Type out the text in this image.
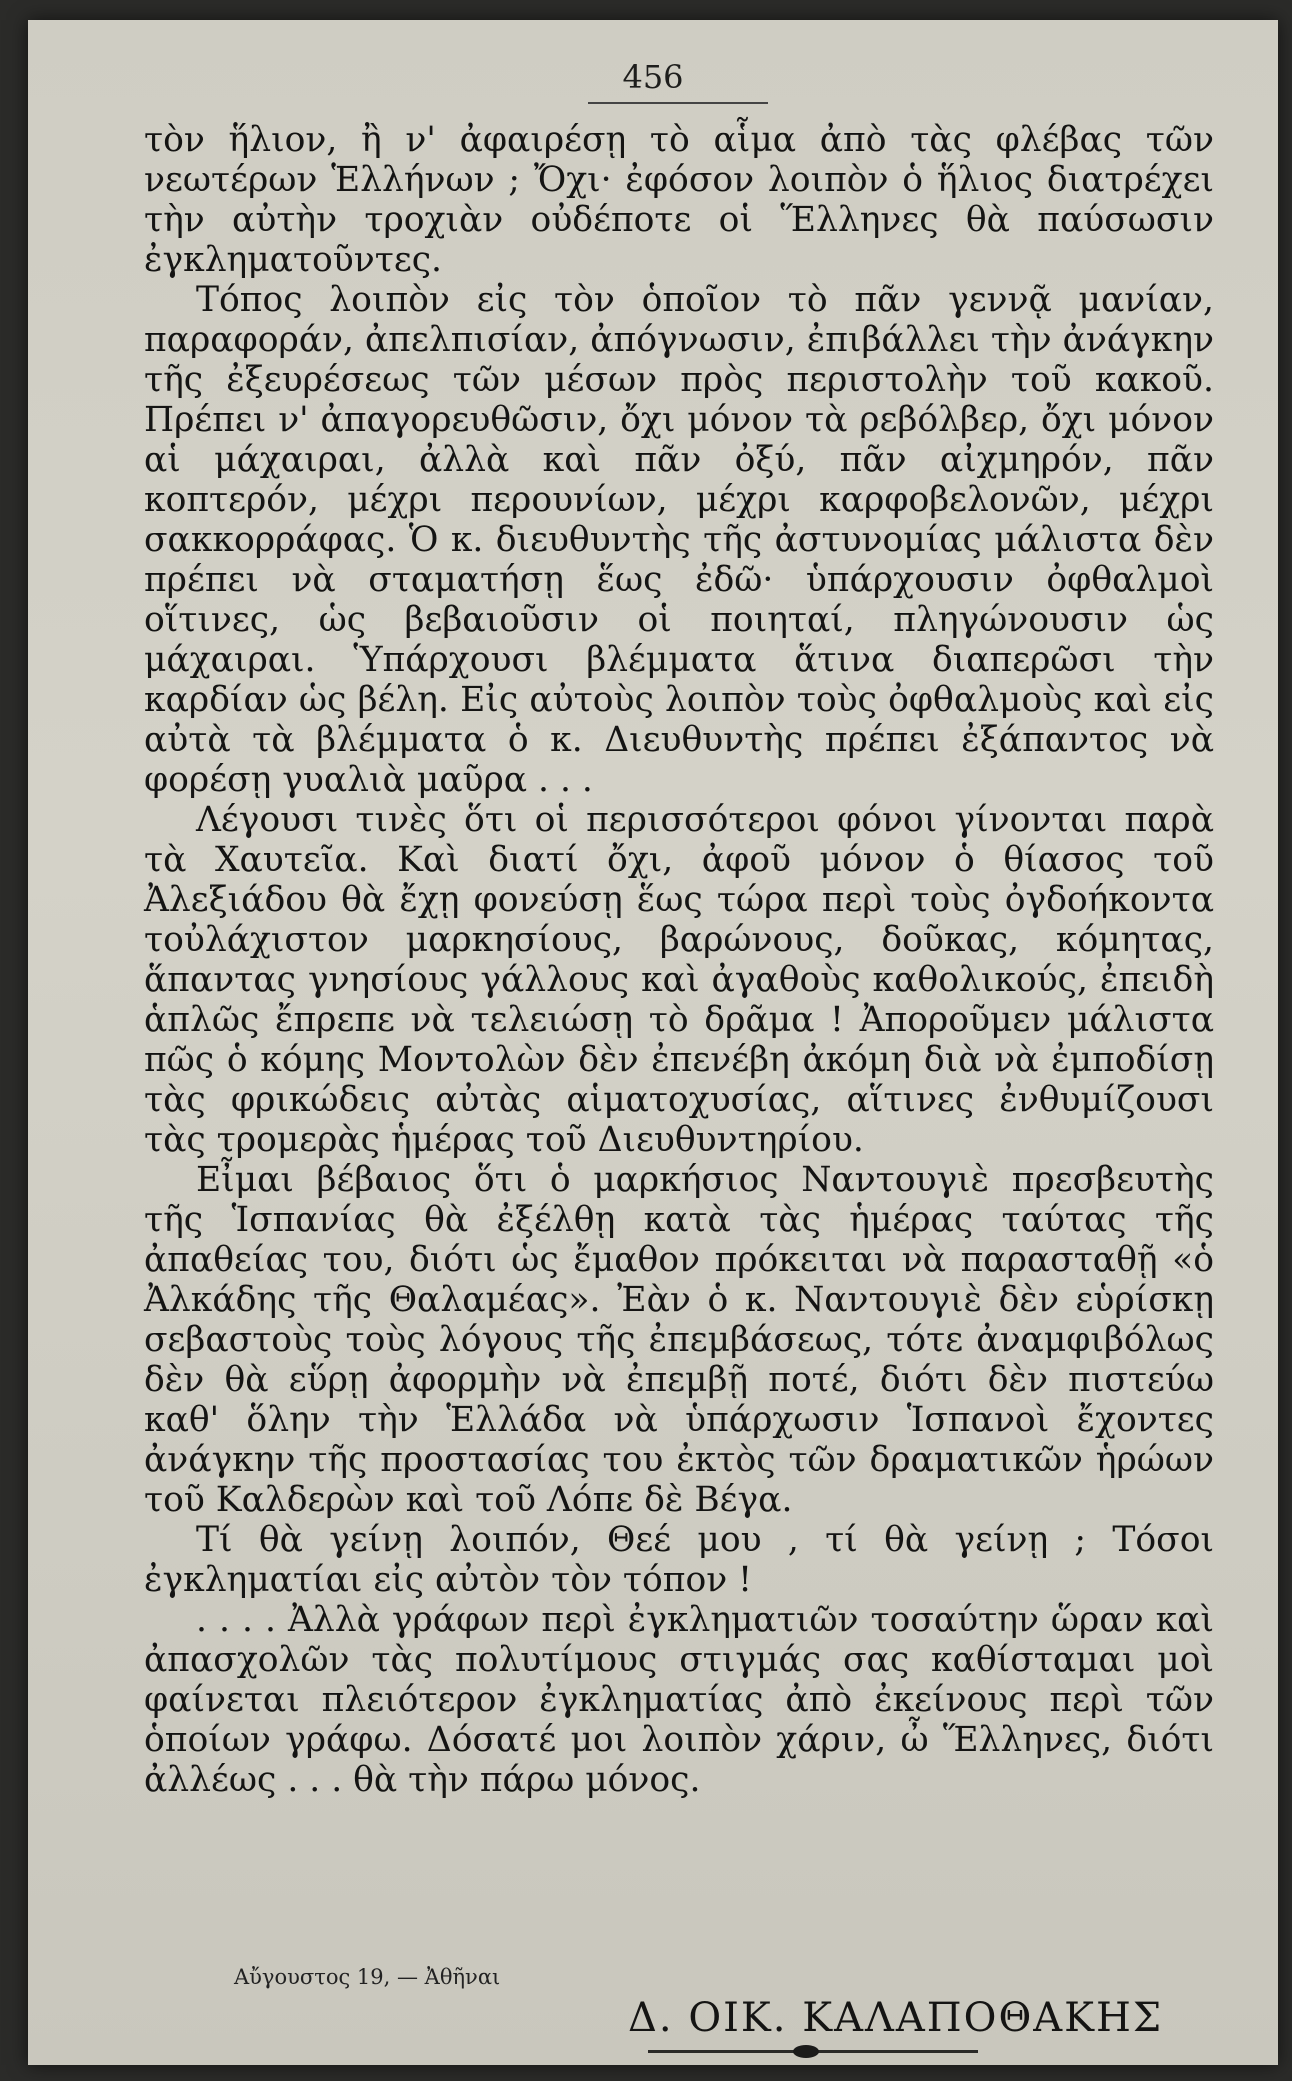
456

τὸν ἥλιον, ἢ ν' ἀφαιρέσῃ τὸ αἷμα ἀπὸ τὰς φλέβας τῶν νεωτέρων Ἑλλήνων ; Ὄχι· ἐφόσον λοιπὸν ὁ ἥλιος διατρέχει τὴν αὐτὴν τροχιὰν οὐδέποτε οἱ Ἕλληνες θὰ παύσωσιν ἐγκληματοῦντες.

Τόπος λοιπὸν εἰς τὸν ὁποῖον τὸ πᾶν γεννᾷ μανίαν, παραφοράν, ἀπελπισίαν, ἀπόγνωσιν, ἐπιβάλλει τὴν ἀνάγκην τῆς ἐξευρέσεως τῶν μέσων πρὸς περιστολὴν τοῦ κακοῦ. Πρέπει ν' ἀπαγορευθῶσιν, ὄχι μόνον τὰ ρεβόλβερ, ὄχι μόνον αἱ μάχαιραι, ἀλλὰ καὶ πᾶν ὀξύ, πᾶν αἰχμηρόν, πᾶν κοπτερόν, μέχρι περουνίων, μέχρι καρφοβελονῶν, μέχρι σακκορράφας. Ὁ κ. διευθυντὴς τῆς ἀστυνομίας μάλιστα δὲν πρέπει νὰ σταματήσῃ ἕως ἐδῶ· ὑπάρχουσιν ὀφθαλμοὶ οἵτινες, ὡς βεβαιοῦσιν οἱ ποιηταί, πληγώνουσιν ὡς μάχαιραι. Ὑπάρχουσι βλέμματα ἅτινα διαπερῶσι τὴν καρδίαν ὡς βέλη. Εἰς αὐτοὺς λοιπὸν τοὺς ὀφθαλμοὺς καὶ εἰς αὐτὰ τὰ βλέμματα ὁ κ. Διευθυντὴς πρέπει ἐξάπαντος νὰ φορέσῃ γυαλιὰ μαῦρα . . .

Λέγουσι τινὲς ὅτι οἱ περισσότεροι φόνοι γίνονται παρὰ τὰ Χαυτεῖα. Καὶ διατί ὄχι, ἀφοῦ μόνον ὁ θίασος τοῦ Ἀλεξιάδου θὰ ἔχῃ φονεύσῃ ἕως τώρα περὶ τοὺς ὀγδοήκοντα τοὐλάχιστον μαρκησίους, βαρώνους, δοῦκας, κόμητας, ἅπαντας γνησίους γάλλους καὶ ἀγαθοὺς καθολικούς, ἐπειδὴ ἁπλῶς ἔπρεπε νὰ τελειώσῃ τὸ δρᾶμα ! Ἀποροῦμεν μάλιστα πῶς ὁ κόμης Μοντολὼν δὲν ἐπενέβη ἀκόμη διὰ νὰ ἐμποδίσῃ τὰς φρικώδεις αὐτὰς αἱματοχυσίας, αἵτινες ἐνθυμίζουσι τὰς τρομερὰς ἡμέρας τοῦ Διευθυντηρίου.

Εἶμαι βέβαιος ὅτι ὁ μαρκήσιος Ναντουγιὲ πρεσβευτὴς τῆς Ἱσπανίας θὰ ἐξέλθῃ κατὰ τὰς ἡμέρας ταύτας τῆς ἀπαθείας του, διότι ὡς ἔμαθον πρόκειται νὰ παρασταθῇ «ὁ Ἀλκάδης τῆς Θαλαμέας». Ἐὰν ὁ κ. Ναντουγιὲ δὲν εὑρίσκῃ σεβαστοὺς τοὺς λόγους τῆς ἐπεμβάσεως, τότε ἀναμφιβόλως δὲν θὰ εὕρῃ ἀφορμὴν νὰ ἐπεμβῇ ποτέ, διότι δὲν πιστεύω καθ' ὅλην τὴν Ἑλλάδα νὰ ὑπάρχωσιν Ἱσπανοὶ ἔχοντες ἀνάγκην τῆς προστασίας του ἐκτὸς τῶν δραματικῶν ἡρώων τοῦ Καλδερὼν καὶ τοῦ Λόπε δὲ Βέγα.

Τί θὰ γείνῃ λοιπόν, Θεέ μου , τί θὰ γείνῃ ; Τόσοι ἐγκληματίαι εἰς αὐτὸν τὸν τόπον !

. . . . Ἀλλὰ γράφων περὶ ἐγκληματιῶν τοσαύτην ὥραν καὶ ἀπασχολῶν τὰς πολυτίμους στιγμάς σας καθίσταμαι μοὶ φαίνεται πλειότερον ἐγκληματίας ἀπὸ ἐκείνους περὶ τῶν ὁποίων γράφω. Δόσατέ μοι λοιπὸν χάριν, ὦ Ἕλληνες, διότι ἀλλέως . . . θὰ τὴν πάρω μόνος.

Αὔγουστος 19, — Ἀθῆναι
Δ. ΟΙΚ. ΚΑΛΑΠΟΘΑΚΗΣ
